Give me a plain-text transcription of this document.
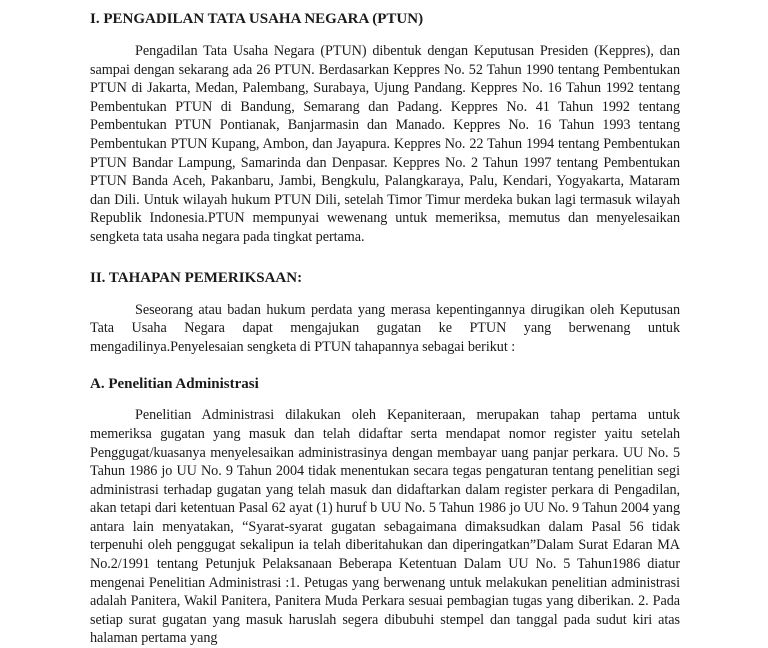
I. PENGADILAN TATA USAHA NEGARA (PTUN)

Pengadilan Tata Usaha Negara (PTUN) dibentuk dengan Keputusan Presiden (Keppres), dan sampai dengan sekarang ada 26 PTUN. Berdasarkan Keppres No. 52 Tahun 1990 tentang Pembentukan PTUN di Jakarta, Medan, Palembang, Surabaya, Ujung Pandang. Keppres No. 16 Tahun 1992 tentang Pembentukan PTUN di Bandung, Semarang dan Padang. Keppres No. 41 Tahun 1992 tentang Pembentukan PTUN Pontianak, Banjarmasin dan Manado. Keppres No. 16 Tahun 1993 tentang Pembentukan PTUN Kupang, Ambon, dan Jayapura. Keppres No. 22 Tahun 1994 tentang Pembentukan PTUN Bandar Lampung, Samarinda dan Denpasar. Keppres No. 2 Tahun 1997 tentang Pembentukan PTUN Banda Aceh, Pakanbaru, Jambi, Bengkulu, Palangkaraya, Palu, Kendari, Yogyakarta, Mataram dan Dili. Untuk wilayah hukum PTUN Dili, setelah Timor Timur merdeka bukan lagi termasuk wilayah Republik Indonesia.PTUN mempunyai wewenang untuk memeriksa, memutus dan menyelesaikan sengketa tata usaha negara pada tingkat pertama.

II. TAHAPAN PEMERIKSAAN:

Seseorang atau badan hukum perdata yang merasa kepentingannya dirugikan oleh Keputusan Tata Usaha Negara dapat mengajukan gugatan ke PTUN yang berwenang untuk mengadilinya.Penyelesaian sengketa di PTUN tahapannya sebagai berikut :

A. Penelitian Administrasi

Penelitian Administrasi dilakukan oleh Kepaniteraan, merupakan tahap pertama untuk memeriksa gugatan yang masuk dan telah didaftar serta mendapat nomor register yaitu setelah Penggugat/kuasanya menyelesaikan administrasinya dengan membayar uang panjar perkara. UU No. 5 Tahun 1986 jo UU No. 9 Tahun 2004 tidak menentukan secara tegas pengaturan tentang penelitian segi administrasi terhadap gugatan yang telah masuk dan didaftarkan dalam register perkara di Pengadilan, akan tetapi dari ketentuan Pasal 62 ayat (1) huruf b UU No. 5 Tahun 1986 jo UU No. 9 Tahun 2004 yang antara lain menyatakan, “Syarat-syarat gugatan sebagaimana dimaksudkan dalam Pasal 56 tidak terpenuhi oleh penggugat sekalipun ia telah diberitahukan dan diperingatkan”Dalam Surat Edaran MA No.2/1991 tentang Petunjuk Pelaksanaan Beberapa Ketentuan Dalam UU No. 5 Tahun1986 diatur mengenai Penelitian Administrasi :1. Petugas yang berwenang untuk melakukan penelitian administrasi adalah Panitera, Wakil Panitera, Panitera Muda Perkara sesuai pembagian tugas yang diberikan. 2. Pada setiap surat gugatan yang masuk haruslah segera dibubuhi stempel dan tanggal pada sudut kiri atas halaman pertama yang
